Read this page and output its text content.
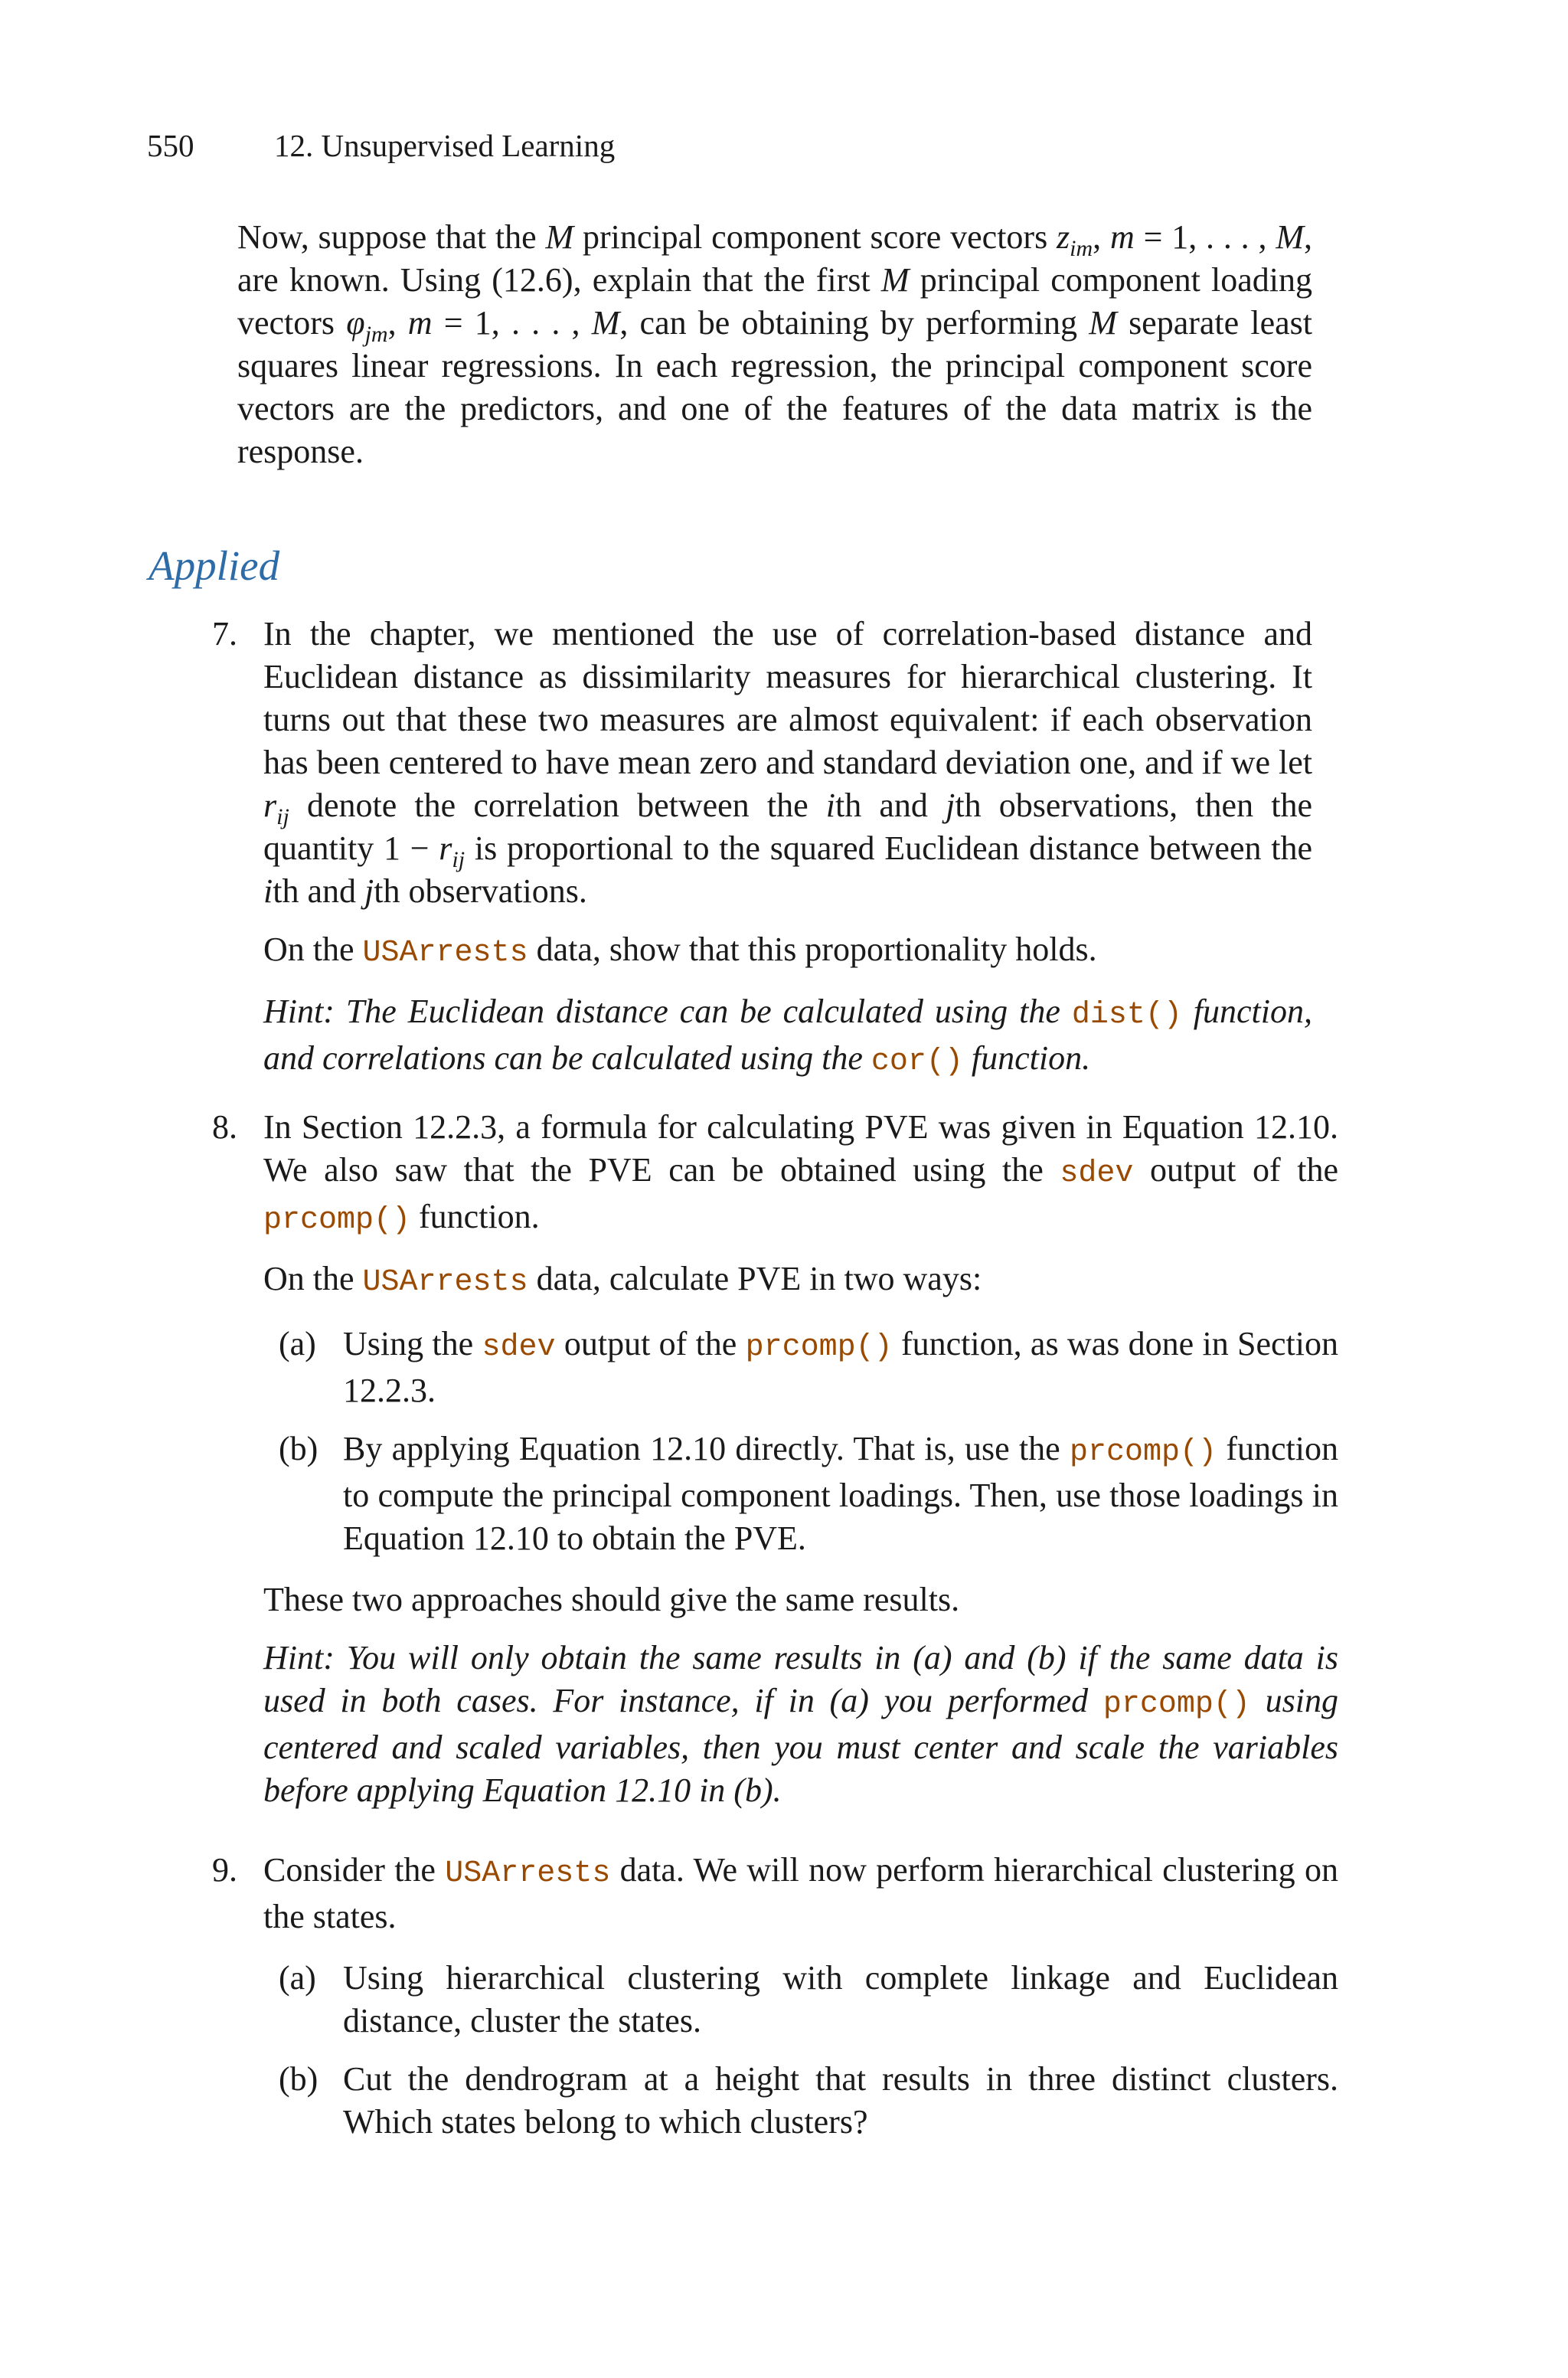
550	12. Unsupervised Learning
Now, suppose that the M principal component score vectors $z_{im}$, m = 1, . . . , M, are known. Using (12.6), explain that the first M principal component loading vectors $\varphi_{jm}$, m = 1, . . . , M, can be obtaining by performing M separate least squares linear regressions. In each regression, the principal component score vectors are the predictors, and one of the features of the data matrix is the response.
Applied
7. In the chapter, we mentioned the use of correlation-based distance and Euclidean distance as dissimilarity measures for hierarchical clustering. It turns out that these two measures are almost equivalent: if each observation has been centered to have mean zero and standard deviation one, and if we let $r_{ij}$ denote the correlation between the ith and jth observations, then the quantity $1 - r_{ij}$ is proportional to the squared Euclidean distance between the ith and jth observations.

On the USArrests data, show that this proportionality holds.

Hint: The Euclidean distance can be calculated using the dist() function, and correlations can be calculated using the cor() function.

8. In Section 12.2.3, a formula for calculating PVE was given in Equation 12.10. We also saw that the PVE can be obtained using the sdev output of the prcomp() function.

On the USArrests data, calculate PVE in two ways:

(a) Using the sdev output of the prcomp() function, as was done in Section 12.2.3.
(b) By applying Equation 12.10 directly. That is, use the prcomp() function to compute the principal component loadings. Then, use those loadings in Equation 12.10 to obtain the PVE.

These two approaches should give the same results.

Hint: You will only obtain the same results in (a) and (b) if the same data is used in both cases. For instance, if in (a) you performed prcomp() using centered and scaled variables, then you must center and scale the variables before applying Equation 12.10 in (b).

9. Consider the USArrests data. We will now perform hierarchical clustering on the states.

(a) Using hierarchical clustering with complete linkage and Euclidean distance, cluster the states.
(b) Cut the dendrogram at a height that results in three distinct clusters. Which states belong to which clusters?
